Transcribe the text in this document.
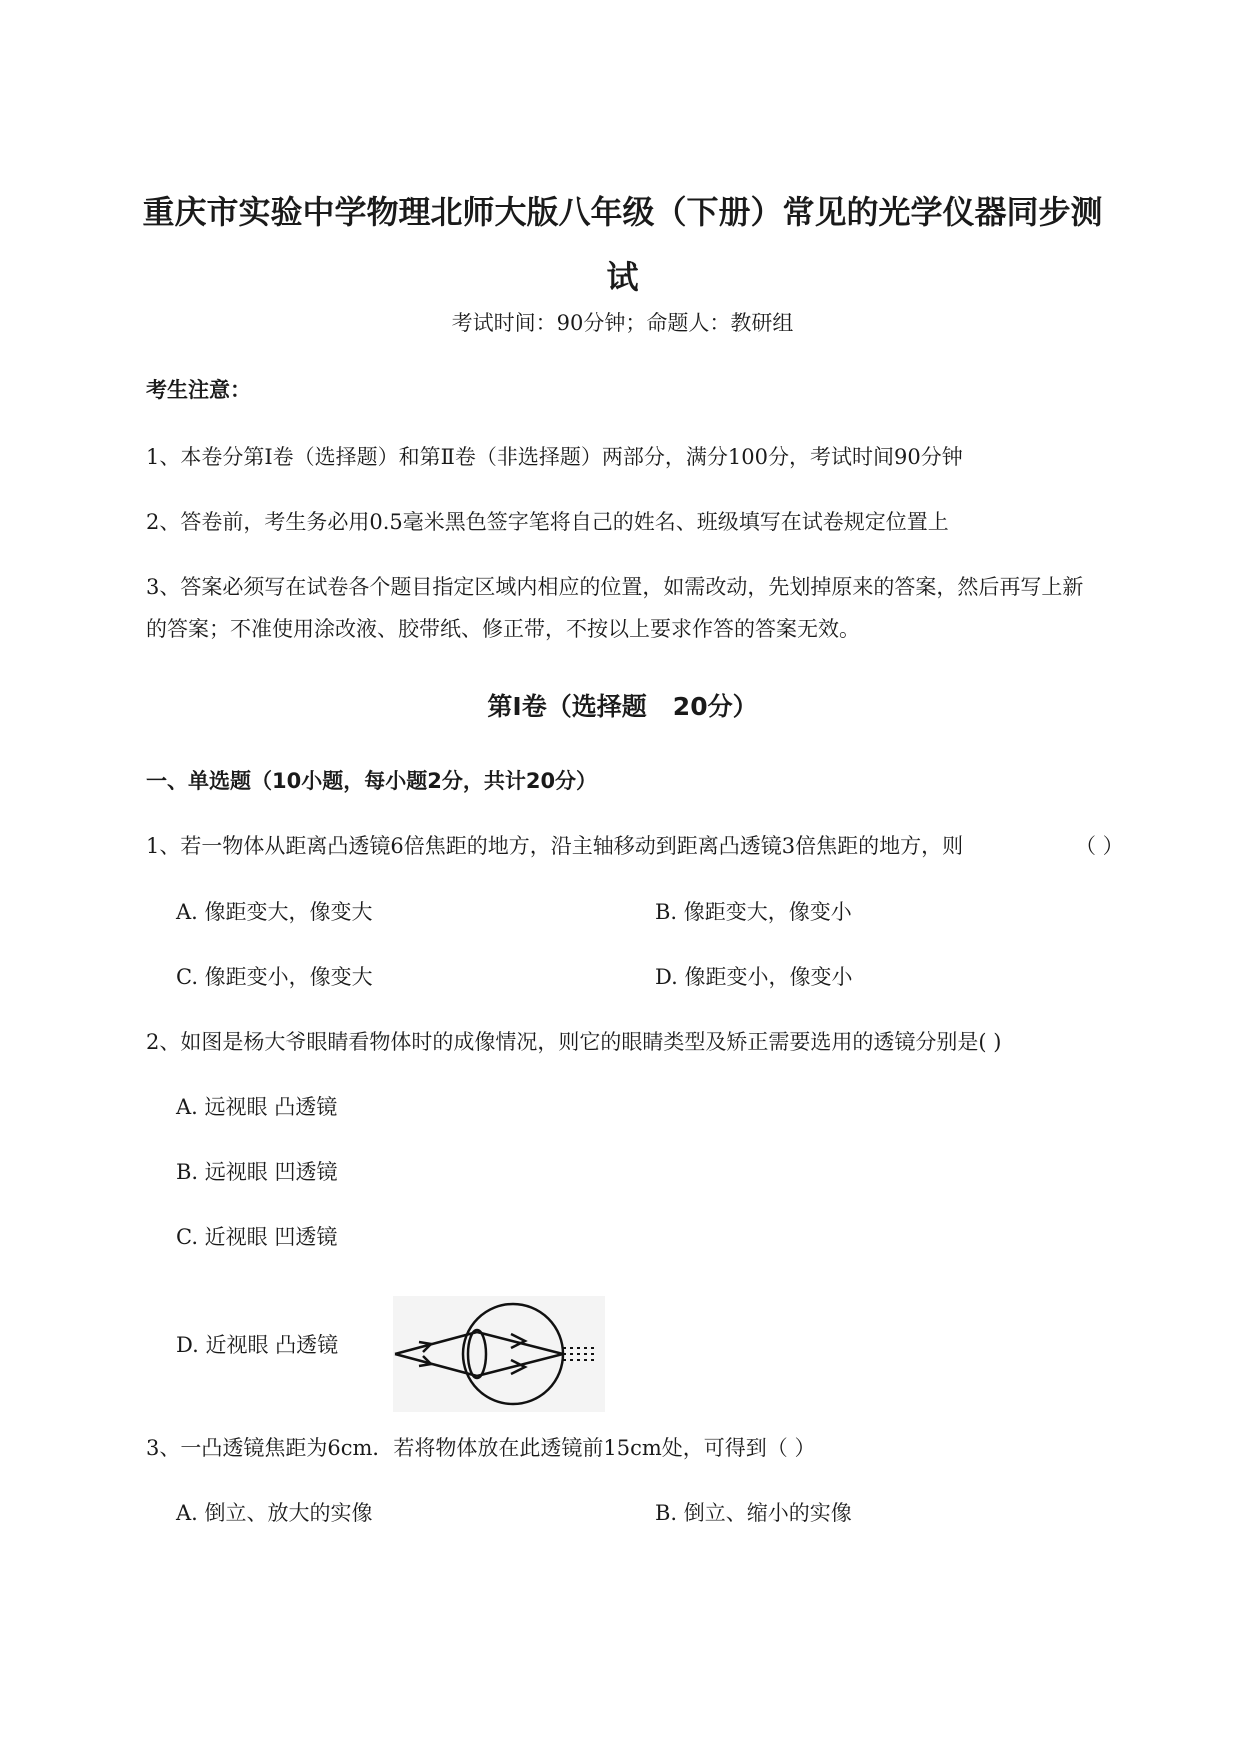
重庆市实验中学物理北师大版八年级（下册）常见的光学仪器同步测
试
考试时间：90分钟；命题人：教研组
考生注意：
1、本卷分第Ⅰ卷（选择题）和第Ⅱ卷（非选择题）两部分，满分100分，考试时间90分钟
2、答卷前，考生务必用0.5毫米黑色签字笔将自己的姓名、班级填写在试卷规定位置上
3、答案必须写在试卷各个题目指定区域内相应的位置，如需改动，先划掉原来的答案，然后再写上新
的答案；不准使用涂改液、胶带纸、修正带，不按以上要求作答的答案无效。
第Ⅰ卷（选择题   20分）
一、单选题（10小题，每小题2分，共计20分）
1、若一物体从距离凸透镜6倍焦距的地方，沿主轴移动到距离凸透镜3倍焦距的地方，则	（ ）
A. 像距变大，像变大	B. 像距变大，像变小
C. 像距变小，像变大	D. 像距变小，像变小
2、如图是杨大爷眼睛看物体时的成像情况，则它的眼睛类型及矫正需要选用的透镜分别是( )
A. 远视眼 凸透镜
B. 远视眼 凹透镜
C. 近视眼 凹透镜
D. 近视眼 凸透镜
3、一凸透镜焦距为6cm．若将物体放在此透镜前15cm处，可得到（ ）
A. 倒立、放大的实像	B. 倒立、缩小的实像
